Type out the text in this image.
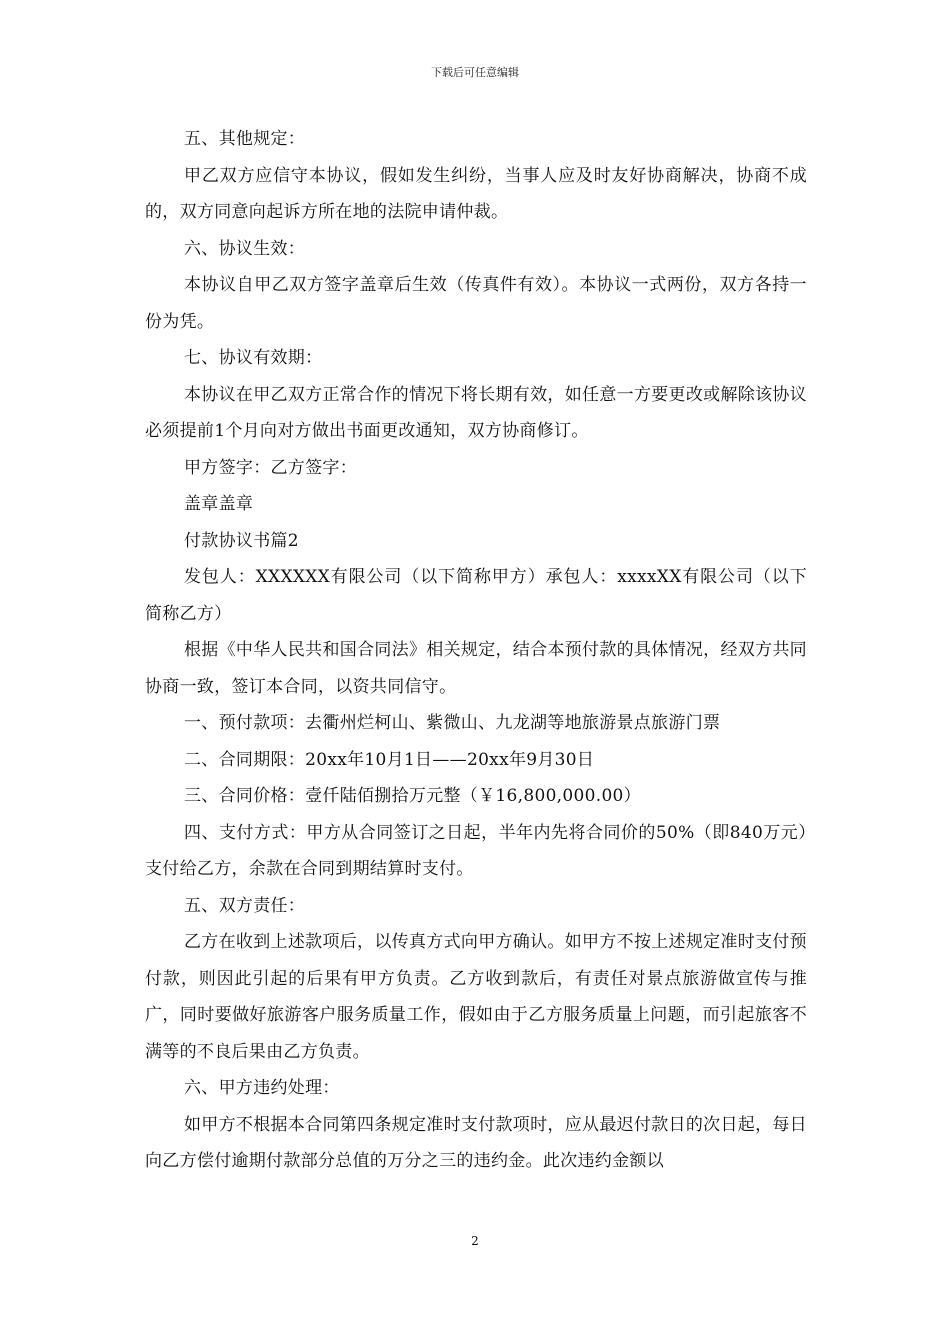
下载后可任意编辑

五、其他规定：

甲乙双方应信守本协议，假如发生纠纷，当事人应及时友好协商解决，协商不成的，双方同意向起诉方所在地的法院申请仲裁。

六、协议生效：

本协议自甲乙双方签字盖章后生效（传真件有效）。本协议一式两份，双方各持一份为凭。

七、协议有效期：

本协议在甲乙双方正常合作的情况下将长期有效，如任意一方要更改或解除该协议必须提前1个月向对方做出书面更改通知，双方协商修订。

甲方签字：乙方签字：

盖章盖章

付款协议书篇2

发包人：XXXXXX有限公司（以下简称甲方）承包人：xxxxXX有限公司（以下简称乙方）

根据《中华人民共和国合同法》相关规定，结合本预付款的具体情况，经双方共同协商一致，签订本合同，以资共同信守。

一、预付款项：去衢州烂柯山、紫微山、九龙湖等地旅游景点旅游门票

二、合同期限：20xx年10月1日——20xx年9月30日

三、合同价格：壹仟陆佰捌拾万元整（￥16,800,000.00）

四、支付方式：甲方从合同签订之日起，半年内先将合同价的50%（即840万元）支付给乙方，余款在合同到期结算时支付。

五、双方责任：

乙方在收到上述款项后，以传真方式向甲方确认。如甲方不按上述规定准时支付预付款，则因此引起的后果有甲方负责。乙方收到款后，有责任对景点旅游做宣传与推广，同时要做好旅游客户服务质量工作，假如由于乙方服务质量上问题，而引起旅客不满等的不良后果由乙方负责。

六、甲方违约处理：

如甲方不根据本合同第四条规定准时支付款项时，应从最迟付款日的次日起，每日向乙方偿付逾期付款部分总值的万分之三的违约金。此次违约金额以

2
